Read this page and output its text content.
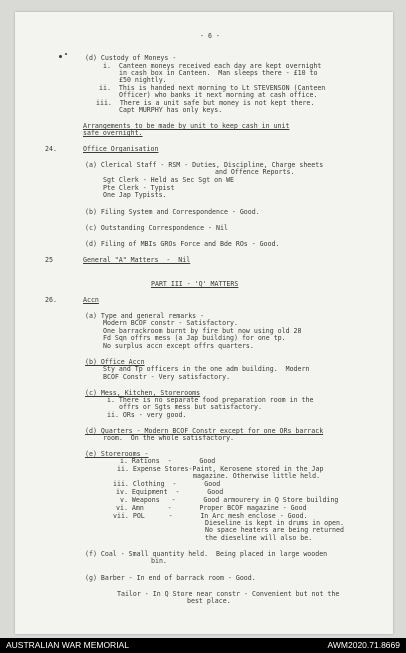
- 6 -
(d) Custody of Moneys -
i.  Canteen moneys received each day are kept overnight
in cash box in Canteen.  Man sleeps there - £10 to
£50 nightly.
ii.  This is handed next morning to Lt STEVENSON (Canteen
Officer) who banks it next morning at cash office.
iii.  There is a unit safe but money is not kept there.
Capt MURPHY has only keys.
Arrangements to be made by unit to keep cash in unit
safe overnight.
24.	Office Organisation
(a) Clerical Staff - RSM - Duties, Discipline, Charge sheets
and Offence Reports.
Sgt Clerk - Held as Sec Sgt on WE
Pte Clerk - Typist
One Jap Typists.
(b) Filing System and Correspondence - Good.
(c) Outstanding Correspondence - Nil
(d) Filing of MBIs GROs Force and Bde ROs - Good.
25	General "A" Matters  -  Nil
PART III - 'Q' MATTERS
26.	Accn
(a) Type and general remarks -
Modern BCOF constr - Satisfactory.
One barrackroom burnt by fire but now using old 28
Fd Sqn offrs mess (a Jap building) for one tp.
No surplus accn except offrs quarters.
(b) Office Accn
Sty and Tp officers in the one adm building.  Modern
BCOF Constr - Very satisfactory.
(c) Mess, Kitchen, Storerooms
i. There is no separate food preparation room in the
offrs or Sgts mess but satisfactory.
ii. ORs - very good.
(d) Quarters - Modern BCOF Constr except for one ORs barrack
room.  On the whole satisfactory.
(e) Storerooms -
i. Rations  -       Good
ii. Expense Stores-Paint, Kerosene stored in the Jap
magazine. Otherwise little held.
iii. Clothing  -       Good
iv. Equipment  -       Good
v. Weapons   -       Good armourery in Q Store building
vi. Amn      -       Proper BCOF magazine - Good
vii. POL      -       In Arc mesh enclose - Good.
Dieseline is kept in drums in open.
No space heaters are being returned
the dieseline will also be.
(f) Coal - Small quantity held.  Being placed in large wooden
bin.
(g) Barber - In end of barrack room - Good.
Tailor - In Q Store near constr - Convenient but not the
best place.
AUSTRALIAN WAR MEMORIAL	AWM2020.71.8669
